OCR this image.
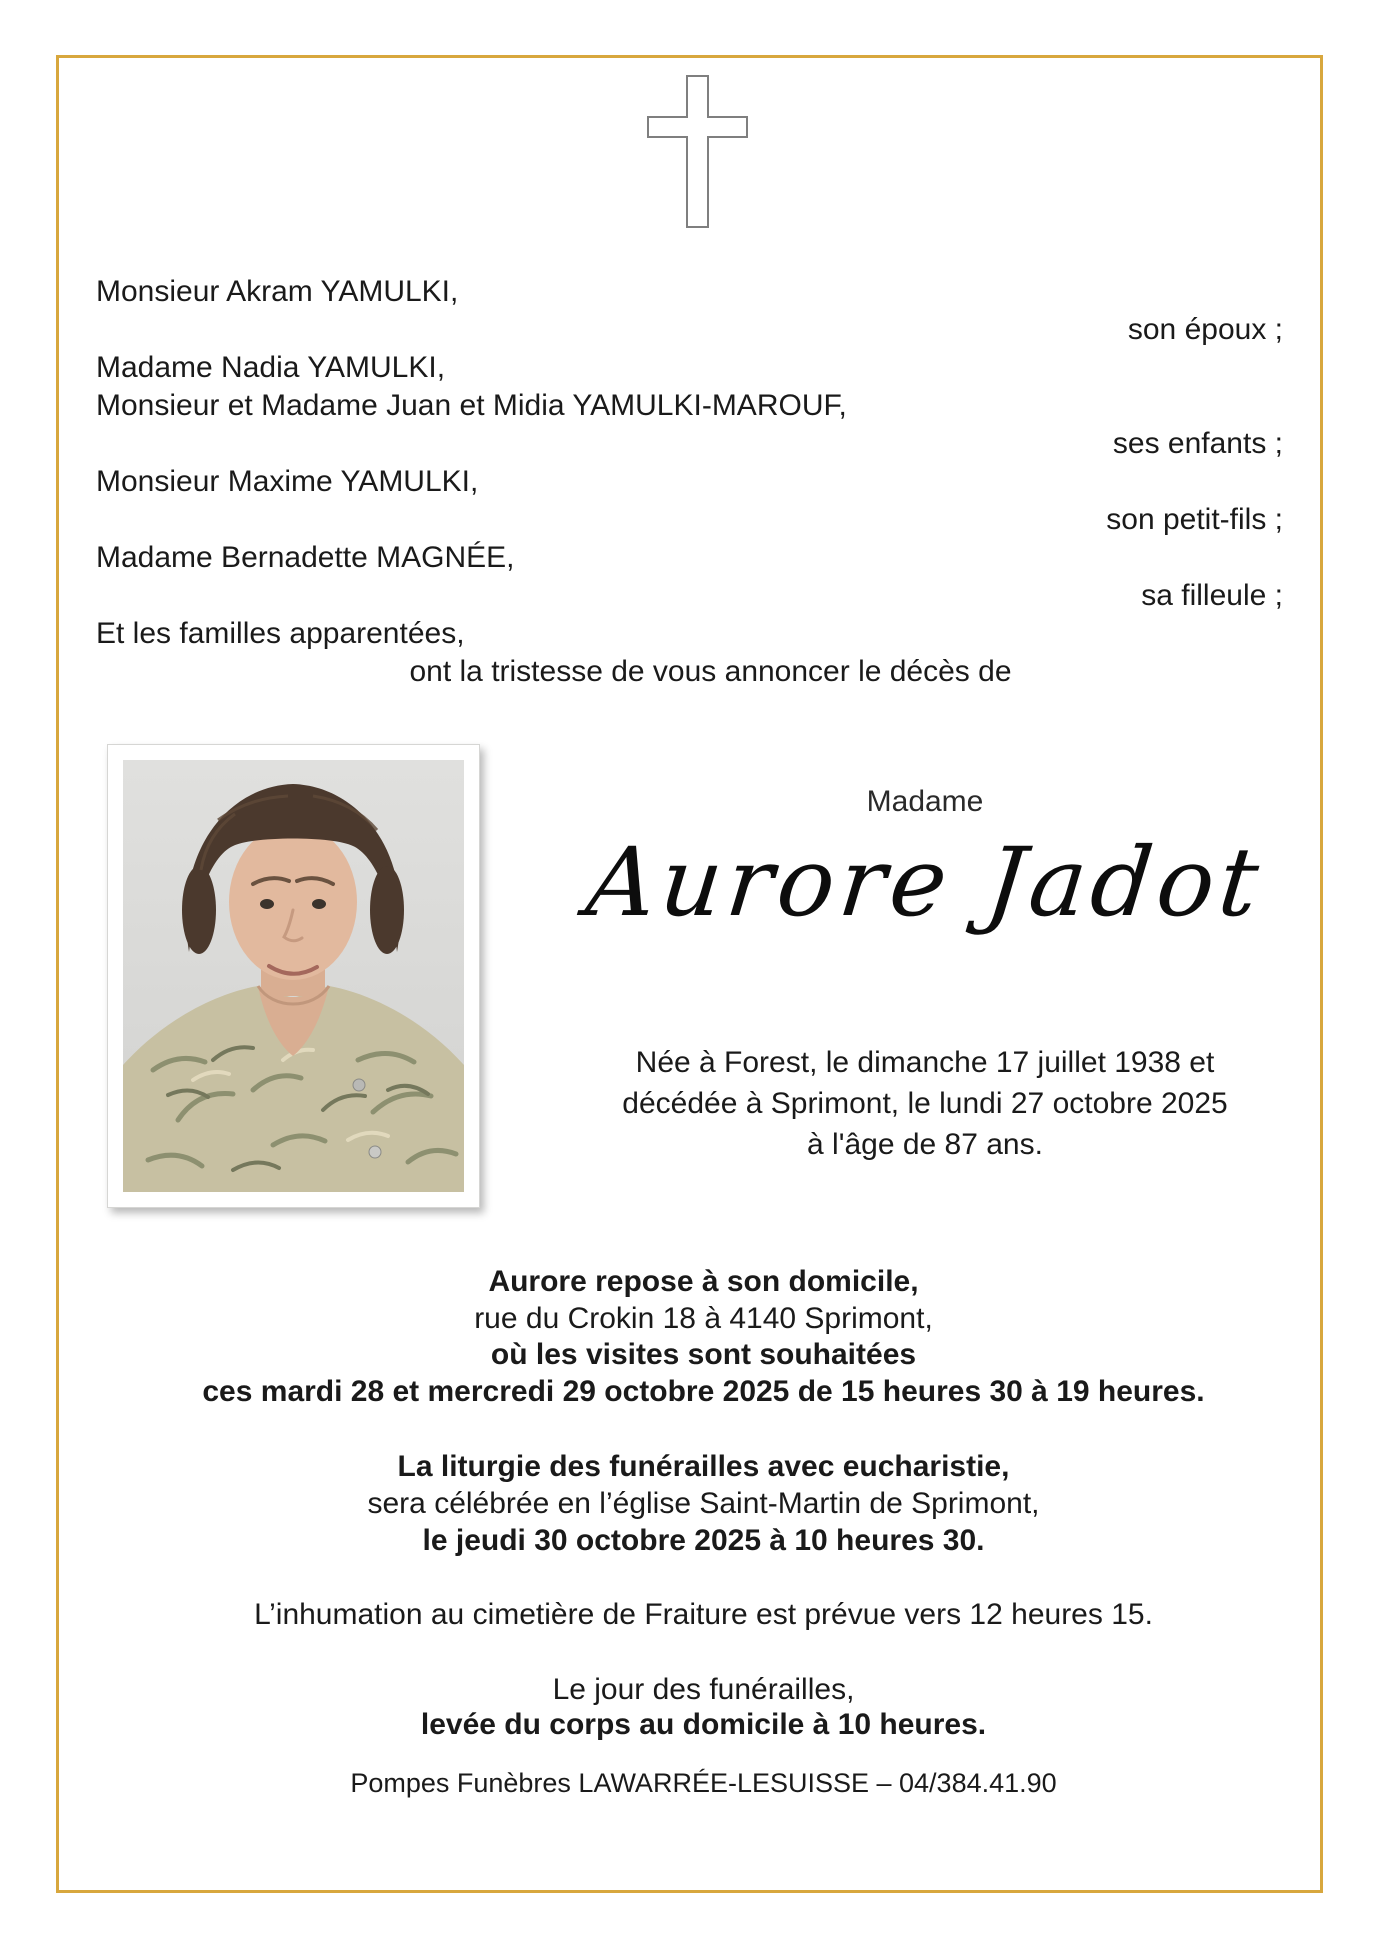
Monsieur Akram YAMULKI,
son époux ;
Madame Nadia YAMULKI,
Monsieur et Madame Juan et Midia YAMULKI-MAROUF,
ses enfants ;
Monsieur Maxime YAMULKI,
son petit-fils ;
Madame Bernadette MAGNÉE,
sa filleule ;
Et les familles apparentées,
ont la tristesse de vous annoncer le décès de
Madame
Aurore Jadot
Née à Forest, le dimanche 17 juillet 1938 et
décédée à Sprimont, le lundi 27 octobre 2025
à l'âge de 87 ans.
Aurore repose à son domicile,
rue du Crokin 18 à 4140 Sprimont,
où les visites sont souhaitées
ces mardi 28 et mercredi 29 octobre 2025 de 15 heures 30 à 19 heures.
La liturgie des funérailles avec eucharistie,
sera célébrée en l’église Saint-Martin de Sprimont,
le jeudi 30 octobre 2025 à 10 heures 30.
L’inhumation au cimetière de Fraiture est prévue vers 12 heures 15.
Le jour des funérailles,
levée du corps au domicile à 10 heures.
Pompes Funèbres LAWARRÉE-LESUISSE – 04/384.41.90
